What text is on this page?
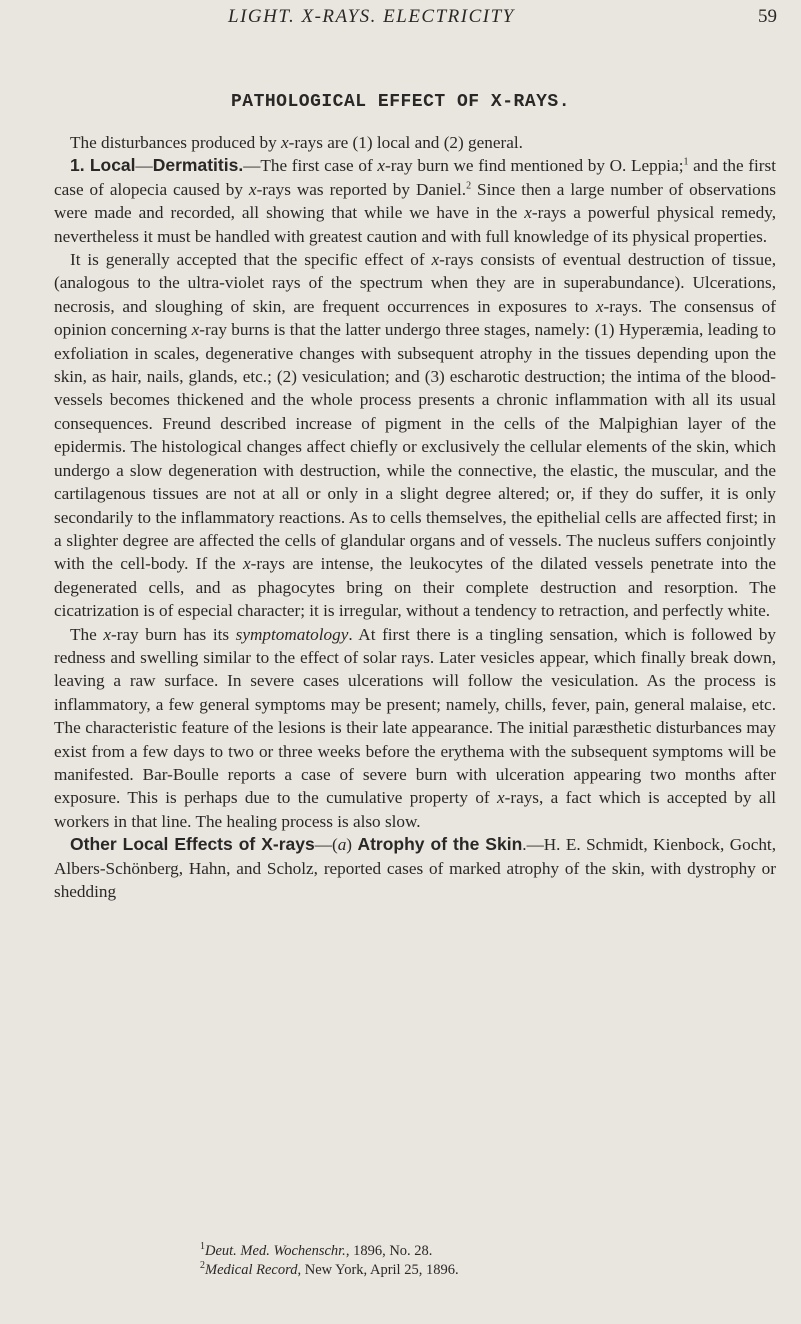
LIGHT. X-RAYS. ELECTRICITY	59
PATHOLOGICAL EFFECT OF X-RAYS.

The disturbances produced by x-rays are (1) local and (2) general.

1. Local—Dermatitis.—The first case of x-ray burn we find mentioned by O. Leppia;$^1$ and the first case of alopecia caused by x-rays was reported by Daniel.$^2$ Since then a large number of observations were made and recorded, all showing that while we have in the x-rays a powerful physical remedy, nevertheless it must be handled with greatest caution and with full knowledge of its physical properties.

It is generally accepted that the specific effect of x-rays consists of eventual destruction of tissue, (analogous to the ultra-violet rays of the spectrum when they are in superabundance). Ulcerations, necrosis, and sloughing of skin, are frequent occurrences in exposures to x-rays. The consensus of opinion concerning x-ray burns is that the latter undergo three stages, namely: (1) Hyperæmia, leading to exfoliation in scales, degenerative changes with subsequent atrophy in the tissues depending upon the skin, as hair, nails, glands, etc.; (2) vesiculation; and (3) escharotic destruction; the intima of the blood-vessels becomes thickened and the whole process presents a chronic inflammation with all its usual consequences. Freund described increase of pigment in the cells of the Malpighian layer of the epidermis. The histological changes affect chiefly or exclusively the cellular elements of the skin, which undergo a slow degeneration with destruction, while the connective, the elastic, the muscular, and the cartilagenous tissues are not at all or only in a slight degree altered; or, if they do suffer, it is only secondarily to the inflammatory reactions. As to cells themselves, the epithelial cells are affected first; in a slighter degree are affected the cells of glandular organs and of vessels. The nucleus suffers conjointly with the cell-body. If the x-rays are intense, the leukocytes of the dilated vessels penetrate into the degenerated cells, and as phagocytes bring on their complete destruction and resorption. The cicatrization is of especial character; it is irregular, without a tendency to retraction, and perfectly white.

The x-ray burn has its symptomatology. At first there is a tingling sensation, which is followed by redness and swelling similar to the effect of solar rays. Later vesicles appear, which finally break down, leaving a raw surface. In severe cases ulcerations will follow the vesiculation. As the process is inflammatory, a few general symptoms may be present; namely, chills, fever, pain, general malaise, etc. The characteristic feature of the lesions is their late appearance. The initial paræsthetic disturbances may exist from a few days to two or three weeks before the erythema with the subsequent symptoms will be manifested. Bar-Boulle reports a case of severe burn with ulceration appearing two months after exposure. This is perhaps due to the cumulative property of x-rays, a fact which is accepted by all workers in that line. The healing process is also slow.

Other Local Effects of X-rays—(a) Atrophy of the Skin.—H. E. Schmidt, Kienbock, Gocht, Albers-Schönberg, Hahn, and Scholz, reported cases of marked atrophy of the skin, with dystrophy or shedding

$^1$Deut. Med. Wochenschr., 1896, No. 28.
$^2$Medical Record, New York, April 25, 1896.
